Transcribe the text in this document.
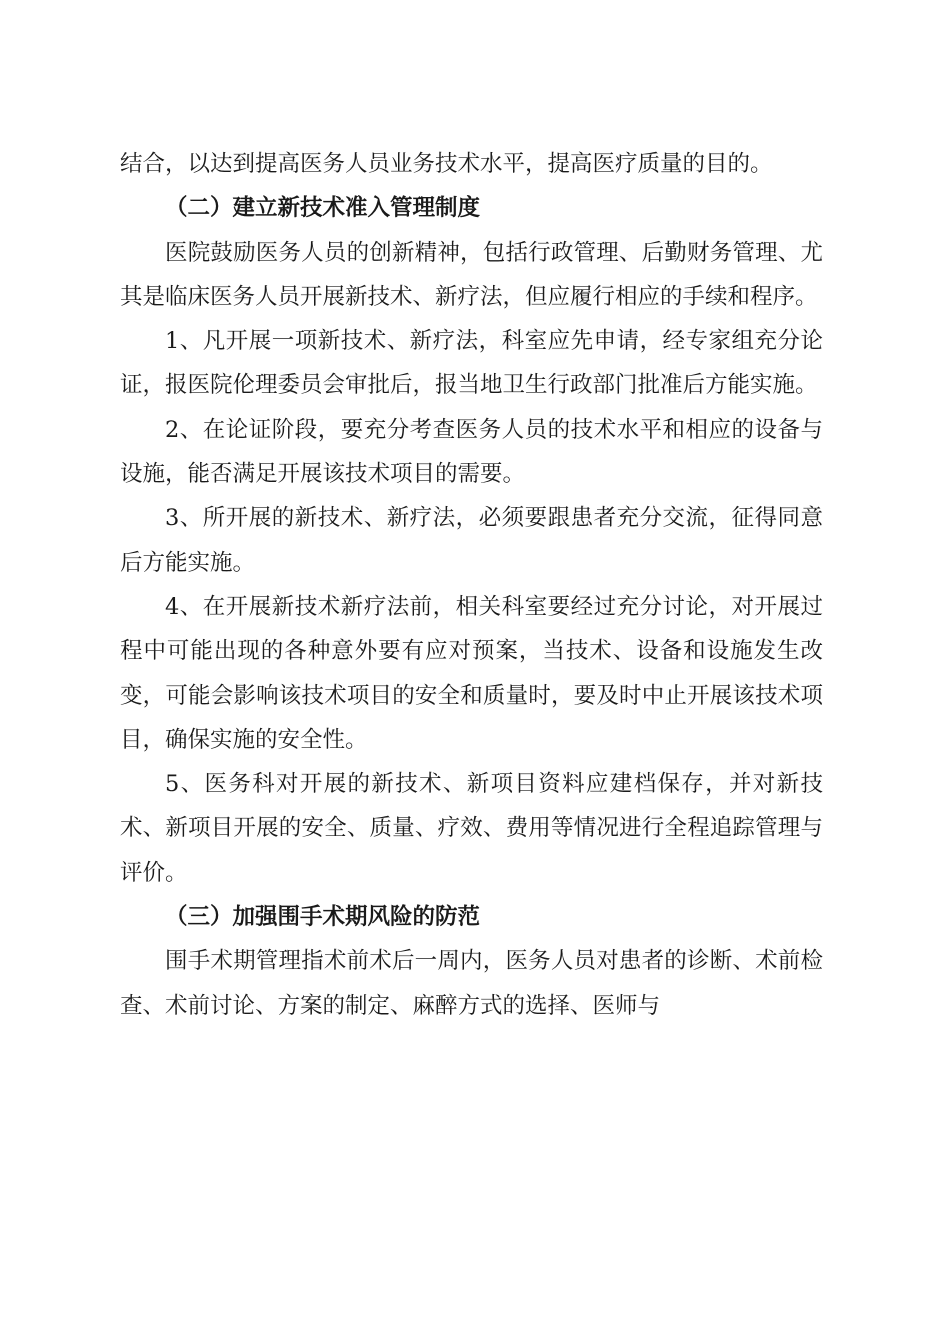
结合，以达到提高医务人员业务技术水平，提高医疗质量的目的。

（二）建立新技术准入管理制度

医院鼓励医务人员的创新精神，包括行政管理、后勤财务管理、尤其是临床医务人员开展新技术、新疗法，但应履行相应的手续和程序。

1、凡开展一项新技术、新疗法，科室应先申请，经专家组充分论证，报医院伦理委员会审批后，报当地卫生行政部门批准后方能实施。

2、在论证阶段，要充分考查医务人员的技术水平和相应的设备与设施，能否满足开展该技术项目的需要。

3、所开展的新技术、新疗法，必须要跟患者充分交流，征得同意后方能实施。

4、在开展新技术新疗法前，相关科室要经过充分讨论，对开展过程中可能出现的各种意外要有应对预案，当技术、设备和设施发生改变，可能会影响该技术项目的安全和质量时，要及时中止开展该技术项目，确保实施的安全性。

5、医务科对开展的新技术、新项目资料应建档保存，并对新技术、新项目开展的安全、质量、疗效、费用等情况进行全程追踪管理与评价。

（三）加强围手术期风险的防范

围手术期管理指术前术后一周内，医务人员对患者的诊断、术前检查、术前讨论、方案的制定、麻醉方式的选择、医师与
